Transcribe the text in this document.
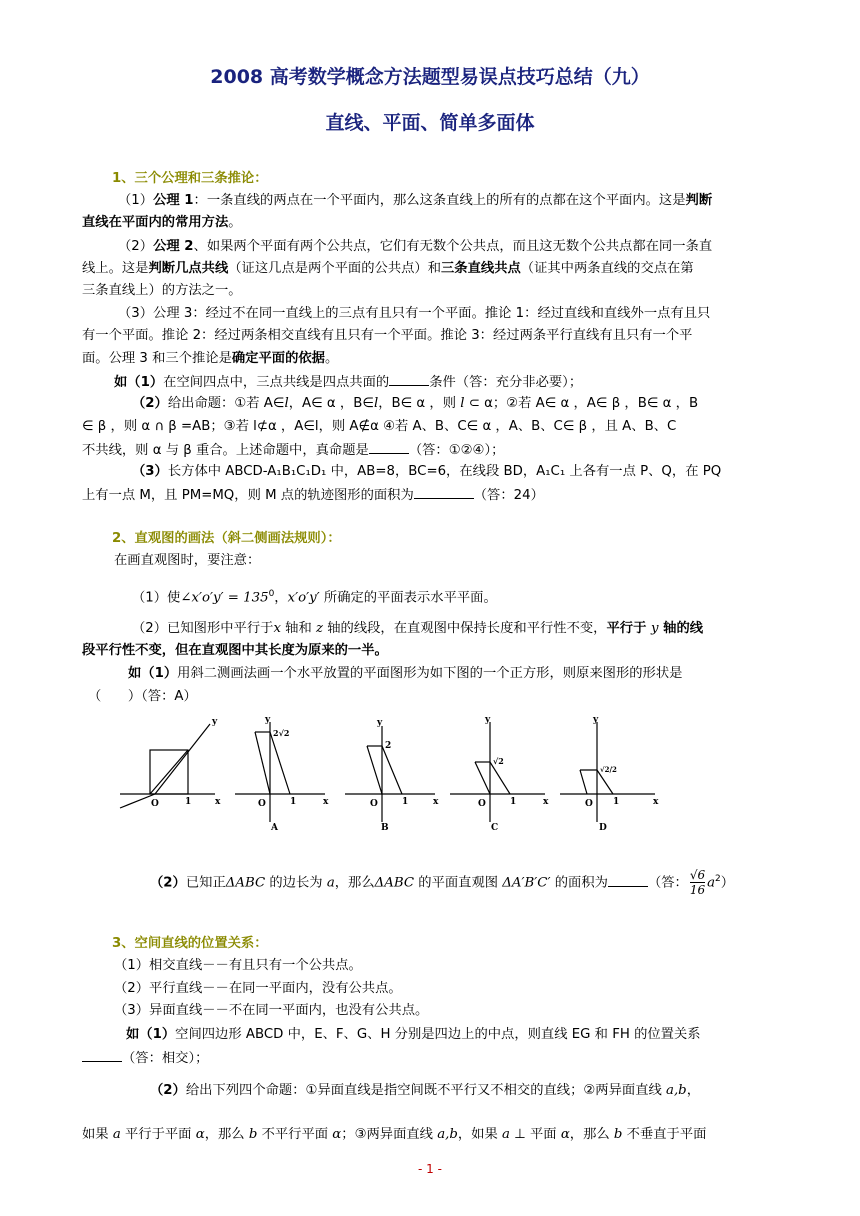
2008 高考数学概念方法题型易误点技巧总结（九）
直线、平面、简单多面体
1、三个公理和三条推论：
（1）公理 1：一条直线的两点在一个平面内，那么这条直线上的所有的点都在这个平面内。这是判断
直线在平面内的常用方法。
（2）公理 2、如果两个平面有两个公共点，它们有无数个公共点，而且这无数个公共点都在同一条直
线上。这是判断几点共线（证这几点是两个平面的公共点）和三条直线共点（证其中两条直线的交点在第
三条直线上）的方法之一。
（3）公理 3：经过不在同一直线上的三点有且只有一个平面。推论 1：经过直线和直线外一点有且只
有一个平面。推论 2：经过两条相交直线有且只有一个平面。推论 3：经过两条平行直线有且只有一个平
面。公理 3 和三个推论是确定平面的依据。
如（1）在空间四点中，三点共线是四点共面的	条件（答：充分非必要）；
（2）给出命题：①若 A∈l，A∈ α ，B∈l，B∈ α ，则 l ⊂ α；②若 A∈ α ，A∈ β ，B∈ α ，B
∈ β ，则 α ∩ β =AB；③若 l⊄α ，A∈l，则 A∉α ④若 A、B、C∈ α ，A、B、C∈ β ，且 A、B、C
不共线，则 α 与 β 重合。上述命题中，真命题是	（答：①②④）；
（3）长方体中 ABCD-A₁B₁C₁D₁ 中，AB=8，BC=6，在线段 BD，A₁C₁ 上各有一点 P、Q，在 PQ
上有一点 M，且 PM=MQ，则 M 点的轨迹图形的面积为	（答：24）
2、直观图的画法（斜二侧画法规则）：
在画直观图时，要注意：
（1）使∠x′o′y′ = $135^0$，x′o′y′ 所确定的平面表示水平平面。
（2）已知图形中平行于x 轴和 z 轴的线段，在直观图中保持长度和平行性不变，平行于 y 轴的线
段平行性不变，但在直观图中其长度为原来的一半。
如（1）用斜二测画法画一个水平放置的平面图形为如下图的一个正方形，则原来图形的形状是
（　　）（答：A）
O	1	x
y
O	1	x
y
2√2
A
O	1	x
y
2
B
O	1	x
y
√2
C
O 1	x
y
√2/2
D
（2）已知正ΔABC 的边长为 a，那么ΔABC 的平面直观图 ΔA′B′C′ 的面积为	（答： $\frac{√6}{16} a^2$）
3、空间直线的位置关系：
（1）相交直线－－有且只有一个公共点。
（2）平行直线－－在同一平面内，没有公共点。
（3）异面直线－－不在同一平面内，也没有公共点。
如（1）空间四边形 ABCD 中，E、F、G、H 分别是四边上的中点，则直线 EG 和 FH 的位置关系
（答：相交）；
（2）给出下列四个命题：①异面直线是指空间既不平行又不相交的直线；②两异面直线 a,b，
如果 a 平行于平面 α，那么 b 不平行平面 α；③两异面直线 a,b，如果 a ⊥ 平面 α，那么 b 不垂直于平面
- 1 -
